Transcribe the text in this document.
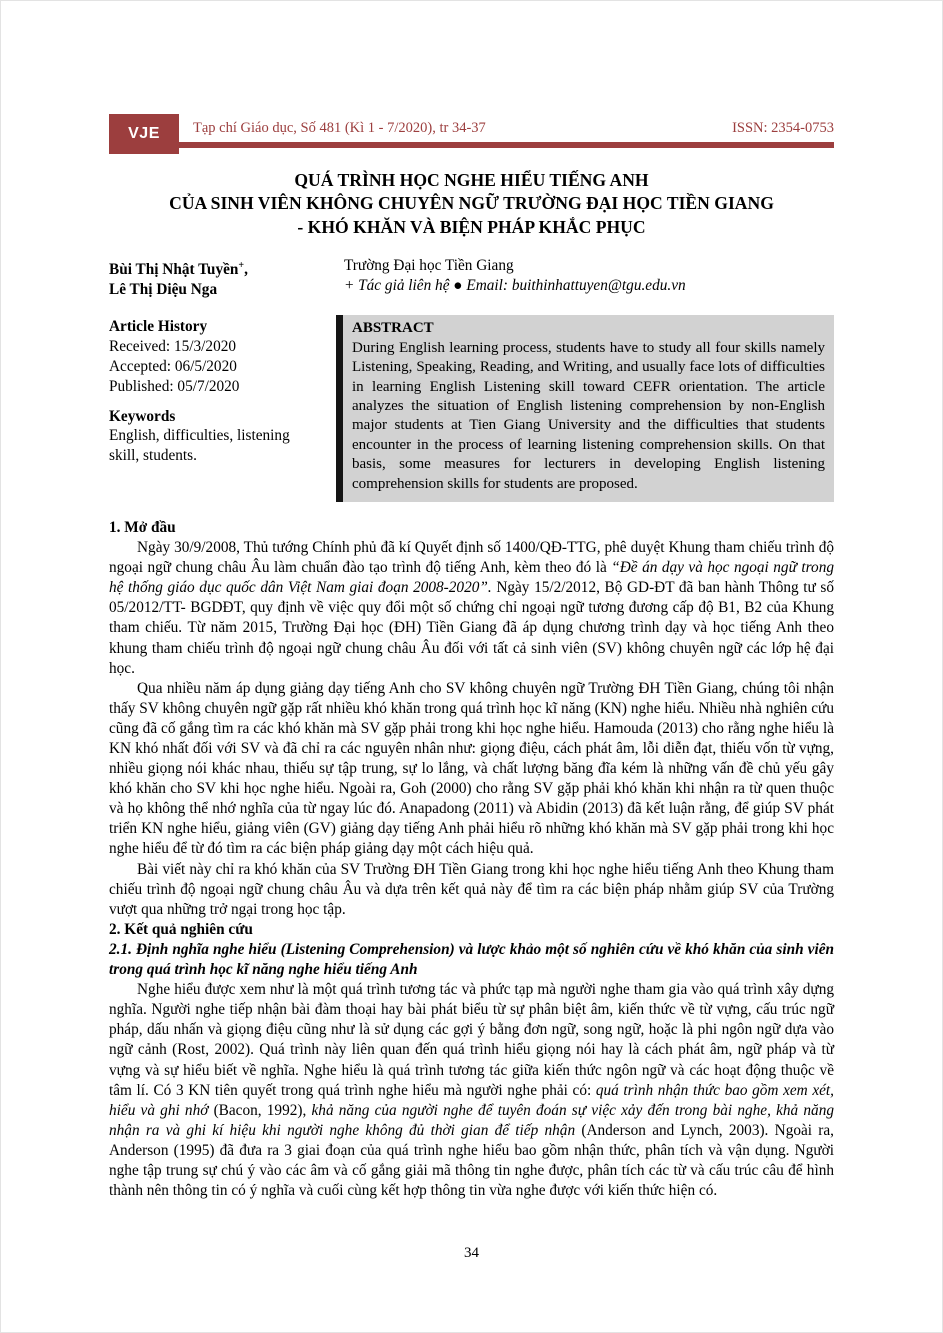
VJE Tạp chí Giáo dục, Số 481 (Kì 1 - 7/2020), tr 34-37	ISSN: 2354-0753
QUÁ TRÌNH HỌC NGHE HIỂU TIẾNG ANH
CỦA SINH VIÊN KHÔNG CHUYÊN NGỮ TRƯỜNG ĐẠI HỌC TIỀN GIANG
- KHÓ KHĂN VÀ BIỆN PHÁP KHẮC PHỤC
Bùi Thị Nhật Tuyền+,
Lê Thị Diệu Nga
Trường Đại học Tiền Giang
+ Tác giả liên hệ ● Email: buithinhattuyen@tgu.edu.vn
Article History
Received: 15/3/2020
Accepted: 06/5/2020
Published: 05/7/2020
Keywords
English, difficulties, listening skill, students.
ABSTRACT
During English learning process, students have to study all four skills namely Listening, Speaking, Reading, and Writing, and usually face lots of difficulties in learning English Listening skill toward CEFR orientation. The article analyzes the situation of English listening comprehension by non-English major students at Tien Giang University and the difficulties that students encounter in the process of learning listening comprehension skills. On that basis, some measures for lecturers in developing English listening comprehension skills for students are proposed.
1. Mở đầu

Ngày 30/9/2008, Thủ tướng Chính phủ đã kí Quyết định số 1400/QĐ-TTG, phê duyệt Khung tham chiếu trình độ ngoại ngữ chung châu Âu làm chuẩn đào tạo trình độ tiếng Anh, kèm theo đó là “Đề án dạy và học ngoại ngữ trong hệ thống giáo dục quốc dân Việt Nam giai đoạn 2008-2020”. Ngày 15/2/2012, Bộ GD-ĐT đã ban hành Thông tư số 05/2012/TT- BGDĐT, quy định về việc quy đổi một số chứng chỉ ngoại ngữ tương đương cấp độ B1, B2 của Khung tham chiếu. Từ năm 2015, Trường Đại học (ĐH) Tiền Giang đã áp dụng chương trình dạy và học tiếng Anh theo khung tham chiếu trình độ ngoại ngữ chung châu Âu đối với tất cả sinh viên (SV) không chuyên ngữ các lớp hệ đại học.

Qua nhiều năm áp dụng giảng dạy tiếng Anh cho SV không chuyên ngữ Trường ĐH Tiền Giang, chúng tôi nhận thấy SV không chuyên ngữ gặp rất nhiều khó khăn trong quá trình học kĩ năng (KN) nghe hiểu. Nhiều nhà nghiên cứu cũng đã cố gắng tìm ra các khó khăn mà SV gặp phải trong khi học nghe hiểu. Hamouda (2013) cho rằng nghe hiểu là KN khó nhất đối với SV và đã chỉ ra các nguyên nhân như: giọng điệu, cách phát âm, lỗi diễn đạt, thiếu vốn từ vựng, nhiều giọng nói khác nhau, thiếu sự tập trung, sự lo lắng, và chất lượng băng đĩa kém là những vấn đề chủ yếu gây khó khăn cho SV khi học nghe hiểu. Ngoài ra, Goh (2000) cho rằng SV gặp phải khó khăn khi nhận ra từ quen thuộc và họ không thể nhớ nghĩa của từ ngay lúc đó. Anapadong (2011) và Abidin (2013) đã kết luận rằng, để giúp SV phát triển KN nghe hiểu, giảng viên (GV) giảng dạy tiếng Anh phải hiểu rõ những khó khăn mà SV gặp phải trong khi học nghe hiểu để từ đó tìm ra các biện pháp giảng dạy một cách hiệu quả.

Bài viết này chỉ ra khó khăn của SV Trường ĐH Tiền Giang trong khi học nghe hiểu tiếng Anh theo Khung tham chiếu trình độ ngoại ngữ chung châu Âu và dựa trên kết quả này để tìm ra các biện pháp nhằm giúp SV của Trường vượt qua những trở ngại trong học tập.

2. Kết quả nghiên cứu
2.1. Định nghĩa nghe hiểu (Listening Comprehension) và lược khảo một số nghiên cứu về khó khăn của sinh viên trong quá trình học kĩ năng nghe hiểu tiếng Anh

Nghe hiểu được xem như là một quá trình tương tác và phức tạp mà người nghe tham gia vào quá trình xây dựng nghĩa. Người nghe tiếp nhận bài đàm thoại hay bài phát biểu từ sự phân biệt âm, kiến thức về từ vựng, cấu trúc ngữ pháp, dấu nhấn và giọng điệu cũng như là sử dụng các gợi ý bằng đơn ngữ, song ngữ, hoặc là phi ngôn ngữ dựa vào ngữ cảnh (Rost, 2002). Quá trình này liên quan đến quá trình hiểu giọng nói hay là cách phát âm, ngữ pháp và từ vựng và sự hiểu biết về nghĩa. Nghe hiểu là quá trình tương tác giữa kiến thức ngôn ngữ và các hoạt động thuộc về tâm lí. Có 3 KN tiên quyết trong quá trình nghe hiểu mà người nghe phải có: quá trình nhận thức bao gồm xem xét, hiểu và ghi nhớ (Bacon, 1992), khả năng của người nghe để tuyên đoán sự việc xảy đến trong bài nghe, khả năng nhận ra và ghi kí hiệu khi người nghe không đủ thời gian để tiếp nhận (Anderson and Lynch, 2003). Ngoài ra, Anderson (1995) đã đưa ra 3 giai đoạn của quá trình nghe hiểu bao gồm nhận thức, phân tích và vận dụng. Người nghe tập trung sự chú ý vào các âm và cố gắng giải mã thông tin nghe được, phân tích các từ và cấu trúc câu để hình thành nên thông tin có ý nghĩa và cuối cùng kết hợp thông tin vừa nghe được với kiến thức hiện có.

34
